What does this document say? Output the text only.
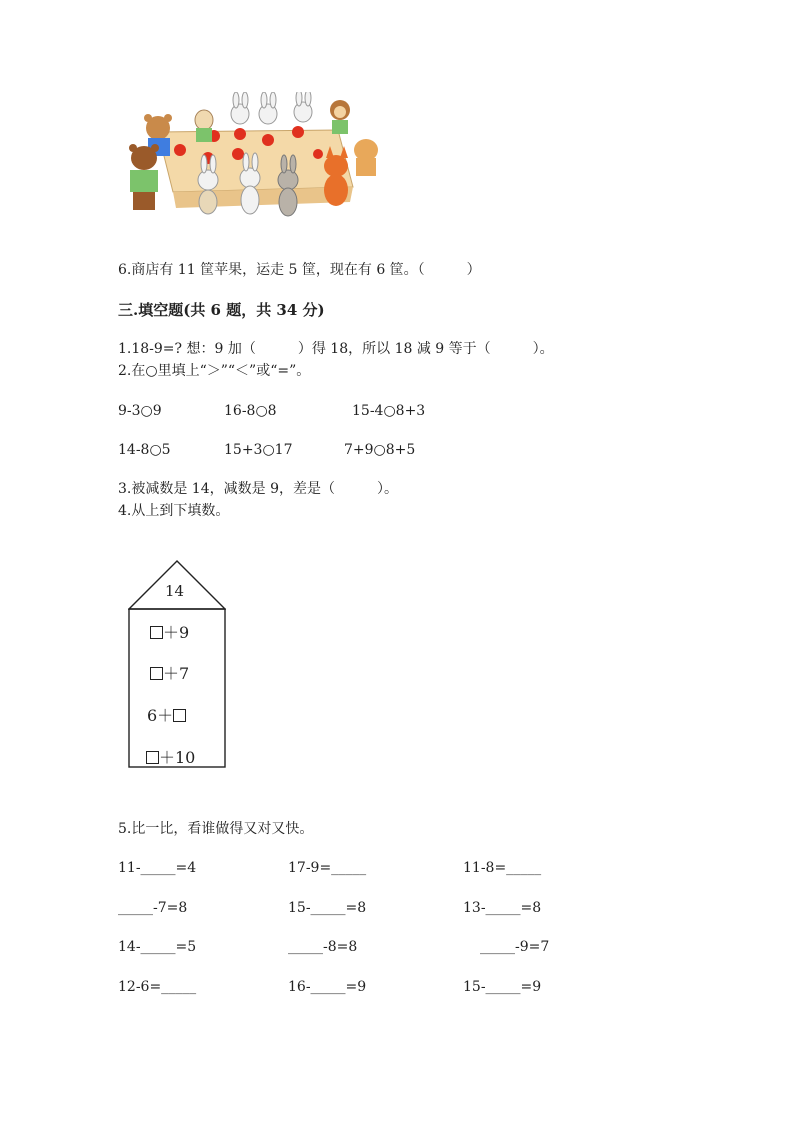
6.商店有 11 筐苹果，运走 5 筐，现在有 6 筐。（　　　）
三.填空题(共 6 题，共 34 分)
1.18-9=? 想：9 加（　　　）得 18，所以 18 减 9 等于（　　　）。
2.在○里填上“＞”“＜”或“=”。
9-3○9	16-8○8	15-4○8+3
14-8○5	15+3○17	7+9○8+5
3.被减数是 14，减数是 9，差是（　　　）。
4.从上到下填数。
14
＋9
＋7
6＋
＋10
5.比一比，看谁做得又对又快。
11-_____=4	17-9=_____	11-8=_____
_____-7=8	15-_____=8	13-_____=8
14-_____=5	_____-8=8	_____-9=7
12-6=_____	16-_____=9	15-_____=9
